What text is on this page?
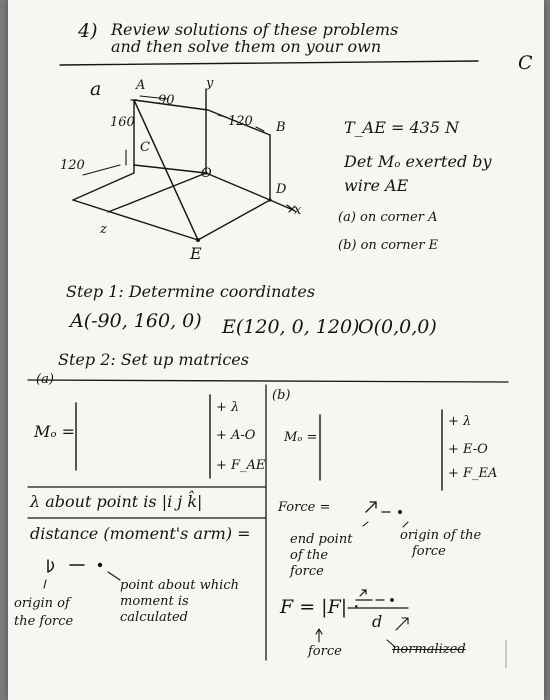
4) Review solutions of these problems
and then solve them on your own
C
a	A	y
90
160	120 B
C
O
120
D
x
z
E
T_AE = 435 N
Det Mₒ exerted by
wire AE
(a) on corner A
(b) on corner E
Step 1: Determine coordinates
A(-90, 160, 0) E(120, 0, 120)
O(0,0,0)
Step 2: Set up matrices
(a)
(b)
Mₒ =
+ λ
+ A-O
+ F_AE
Mₒ =
+ λ
+ E-O
+ F_EA
λ about point is |i j k̂|
distance (moment's arm) =
point about which
moment is
calculated
origin of
the force
Force =
end point
of the
force
origin of the
force
F = |F| ·
d
force	normalized
